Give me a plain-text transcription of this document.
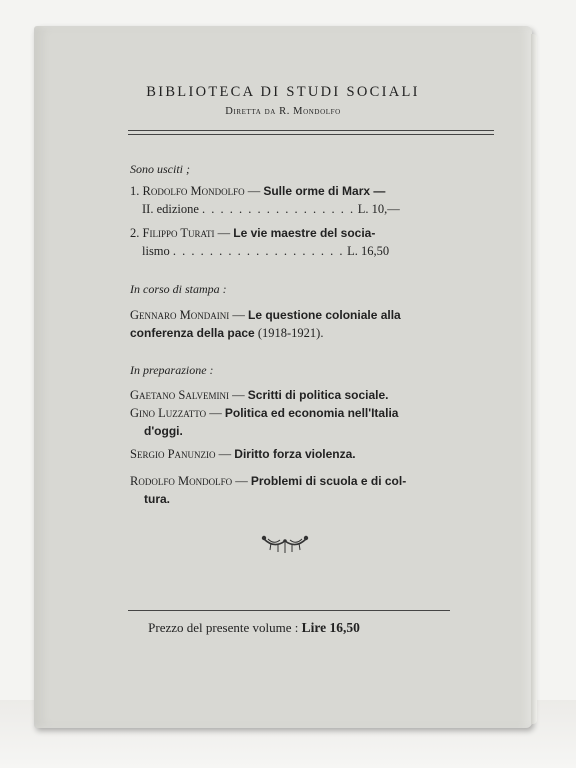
BIBLIOTECA DI STUDI SOCIALI
Diretta da R. Mondolfo
Sono usciti ;
1. Rodolfo Mondolfo — Sulle orme di Marx —
II. edizione . . . . . . . . . . . . . . . . . L. 10,—
2. Filippo Turati — Le vie maestre del socia-
lismo . . . . . . . . . . . . . . . . . . . L. 16,50
In corso di stampa :
Gennaro Mondaini — Le questione coloniale alla
conferenza della pace (1918-1921).
In preparazione :
Gaetano Salvemini — Scritti di politica sociale.
Gino Luzzatto — Politica ed economia nell'Italia
d'oggi.
Sergio Panunzio — Diritto forza violenza.
Rodolfo Mondolfo — Problemi di scuola e di col-
tura.
Prezzo del presente volume : Lire 16,50
